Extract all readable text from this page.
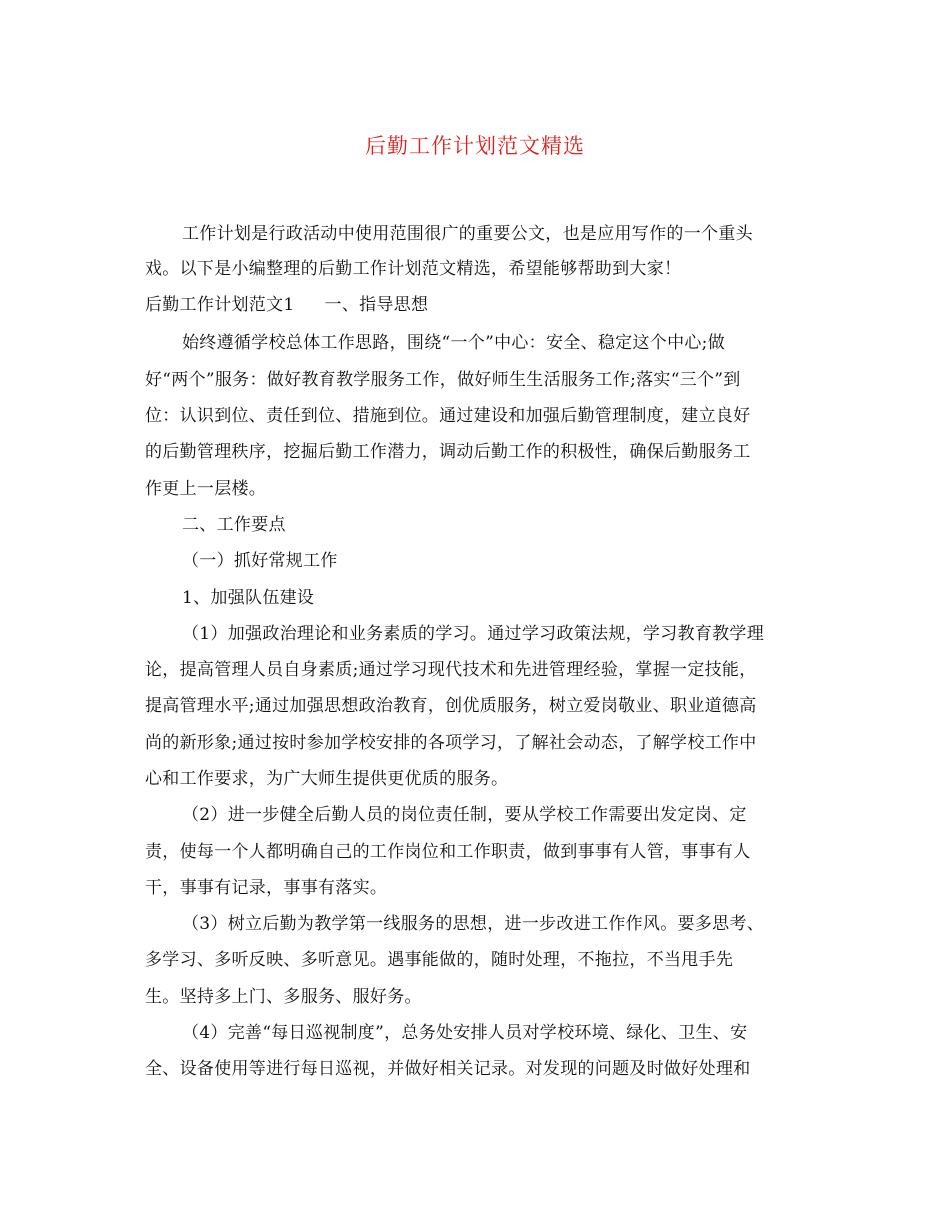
后勤工作计划范文精选
工作计划是行政活动中使用范围很广的重要公文，也是应用写作的一个重头
戏。以下是小编整理的后勤工作计划范文精选，希望能够帮助到大家！
后勤工作计划范文1 一、指导思想
始终遵循学校总体工作思路，围绕“一个”中心：安全、稳定这个中心;做
好“两个”服务：做好教育教学服务工作，做好师生生活服务工作;落实“三个”到
位：认识到位、责任到位、措施到位。通过建设和加强后勤管理制度，建立良好
的后勤管理秩序，挖掘后勤工作潜力，调动后勤工作的积极性，确保后勤服务工
作更上一层楼。
二、工作要点
（一）抓好常规工作
1、加强队伍建设
（1）加强政治理论和业务素质的学习。通过学习政策法规，学习教育教学理
论，提高管理人员自身素质;通过学习现代技术和先进管理经验，掌握一定技能，
提高管理水平;通过加强思想政治教育，创优质服务，树立爱岗敬业、职业道德高
尚的新形象;通过按时参加学校安排的各项学习，了解社会动态，了解学校工作中
心和工作要求，为广大师生提供更优质的服务。
（2）进一步健全后勤人员的岗位责任制，要从学校工作需要出发定岗、定
责，使每一个人都明确自己的工作岗位和工作职责，做到事事有人管，事事有人
干，事事有记录，事事有落实。
（3）树立后勤为教学第一线服务的思想，进一步改进工作作风。要多思考、
多学习、多听反映、多听意见。遇事能做的，随时处理，不拖拉，不当甩手先
生。坚持多上门、多服务、服好务。
（4）完善“每日巡视制度”，总务处安排人员对学校环境、绿化、卫生、安
全、设备使用等进行每日巡视，并做好相关记录。对发现的问题及时做好处理和
